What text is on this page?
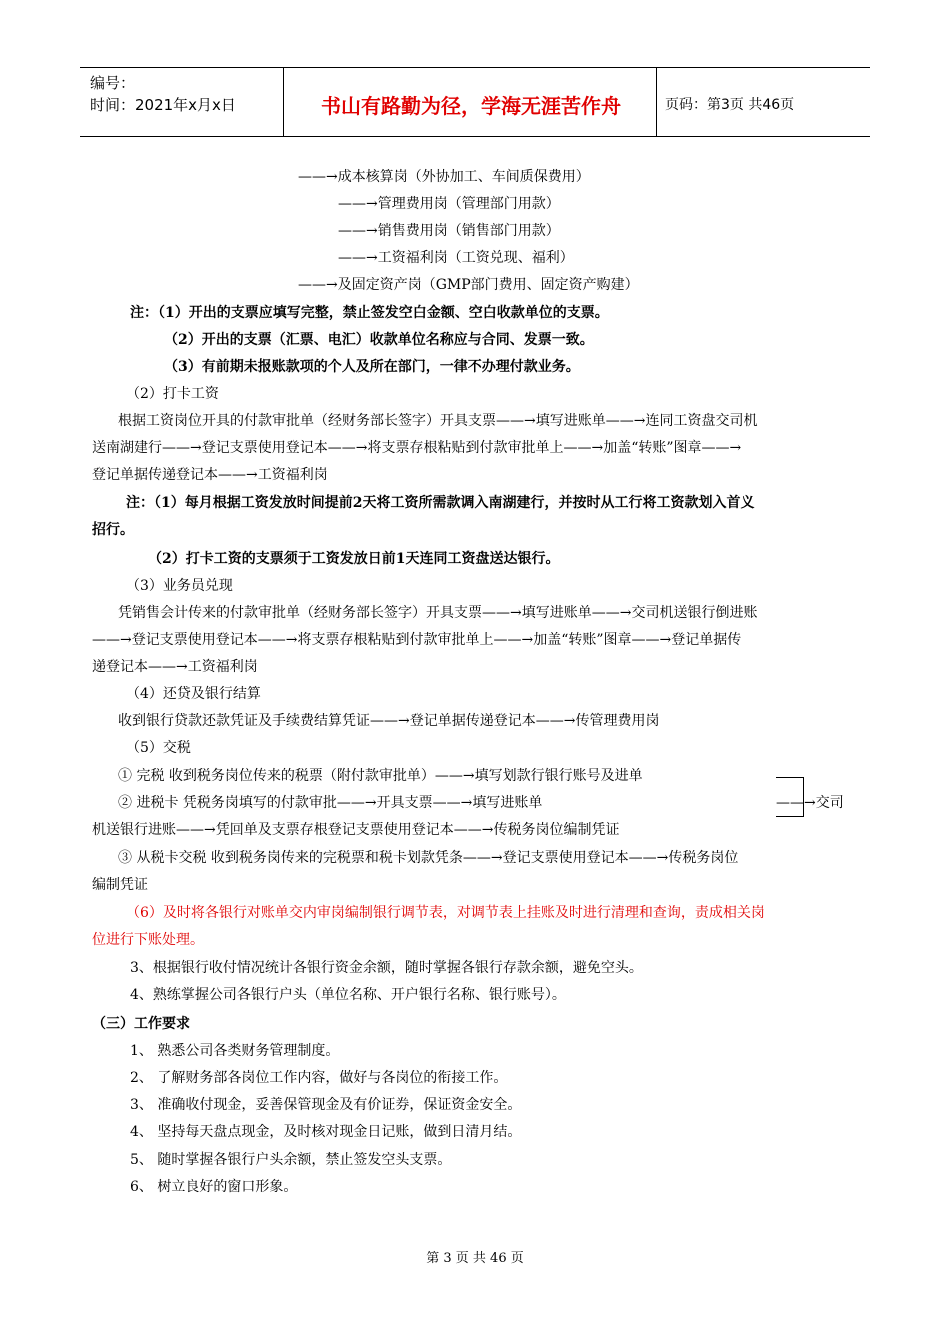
编号：
时间：2021年x月x日	书山有路勤为径，学海无涯苦作舟	页码：第3页 共46页
——→成本核算岗（外协加工、车间质保费用）
——→管理费用岗（管理部门用款）
——→销售费用岗（销售部门用款）
——→工资福利岗（工资兑现、福利）
——→及固定资产岗（GMP部门费用、固定资产购建）
注：（1）开出的支票应填写完整，禁止签发空白金额、空白收款单位的支票。
（2）开出的支票（汇票、电汇）收款单位名称应与合同、发票一致。
（3）有前期未报账款项的个人及所在部门，一律不办理付款业务。
（2）打卡工资
根据工资岗位开具的付款审批单（经财务部长签字）开具支票——→填写进账单——→连同工资盘交司机
送南湖建行——→登记支票使用登记本——→将支票存根粘贴到付款审批单上——→加盖“转账”图章——→
登记单据传递登记本——→工资福利岗
注：（1）每月根据工资发放时间提前2天将工资所需款调入南湖建行，并按时从工行将工资款划入首义
招行。
（2）打卡工资的支票须于工资发放日前1天连同工资盘送达银行。
（3）业务员兑现
凭销售会计传来的付款审批单（经财务部长签字）开具支票——→填写进账单——→交司机送银行倒进账
——→登记支票使用登记本——→将支票存根粘贴到付款审批单上——→加盖“转账”图章——→登记单据传
递登记本——→工资福利岗
（4）还贷及银行结算
收到银行贷款还款凭证及手续费结算凭证——→登记单据传递登记本——→传管理费用岗
（5）交税
① 完税 收到税务岗位传来的税票（附付款审批单）——→填写划款行银行账号及进单
② 进税卡 凭税务岗填写的付款审批——→开具支票——→填写进账单	——→交司
机送银行进账——→凭回单及支票存根登记支票使用登记本——→传税务岗位编制凭证
③ 从税卡交税 收到税务岗传来的完税票和税卡划款凭条——→登记支票使用登记本——→传税务岗位
编制凭证
（6）及时将各银行对账单交内审岗编制银行调节表，对调节表上挂账及时进行清理和查询，责成相关岗
位进行下账处理。
3、根据银行收付情况统计各银行资金余额，随时掌握各银行存款余额，避免空头。
4、熟练掌握公司各银行户头（单位名称、开户银行名称、银行账号）。
（三）工作要求
1、 熟悉公司各类财务管理制度。
2、 了解财务部各岗位工作内容，做好与各岗位的衔接工作。
3、 准确收付现金，妥善保管现金及有价证券，保证资金安全。
4、 坚持每天盘点现金，及时核对现金日记账，做到日清月结。
5、 随时掌握各银行户头余额，禁止签发空头支票。
6、 树立良好的窗口形象。
第 3 页 共 46 页
